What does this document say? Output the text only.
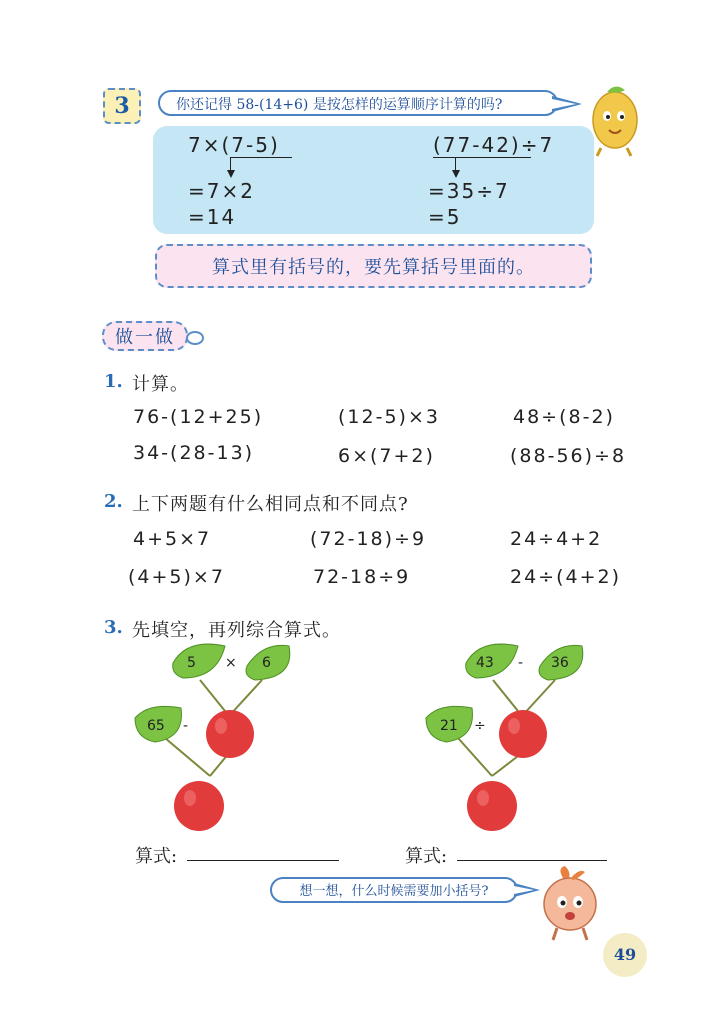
3	你还记得 58-(14+6) 是按怎样的运算顺序计算的吗?
7×(7-5)
=7×2
=14
(77-42)÷7
=35÷7
=5
算式里有括号的，要先算括号里面的。
做一做
1. 计算。
76-(12+25)	(12-5)×3	48÷(8-2)
34-(28-13)	6×(7+2)	(88-56)÷8
2. 上下两题有什么相同点和不同点?
4+5×7	(72-18)÷9	24÷4+2
(4+5)×7	72-18÷9	24÷(4+2)
3. 先填空，再列综合算式。
5 × 6
65 -
43 - 36
21 ÷
算式:	算式:
想一想，什么时候需要加小括号?
49
